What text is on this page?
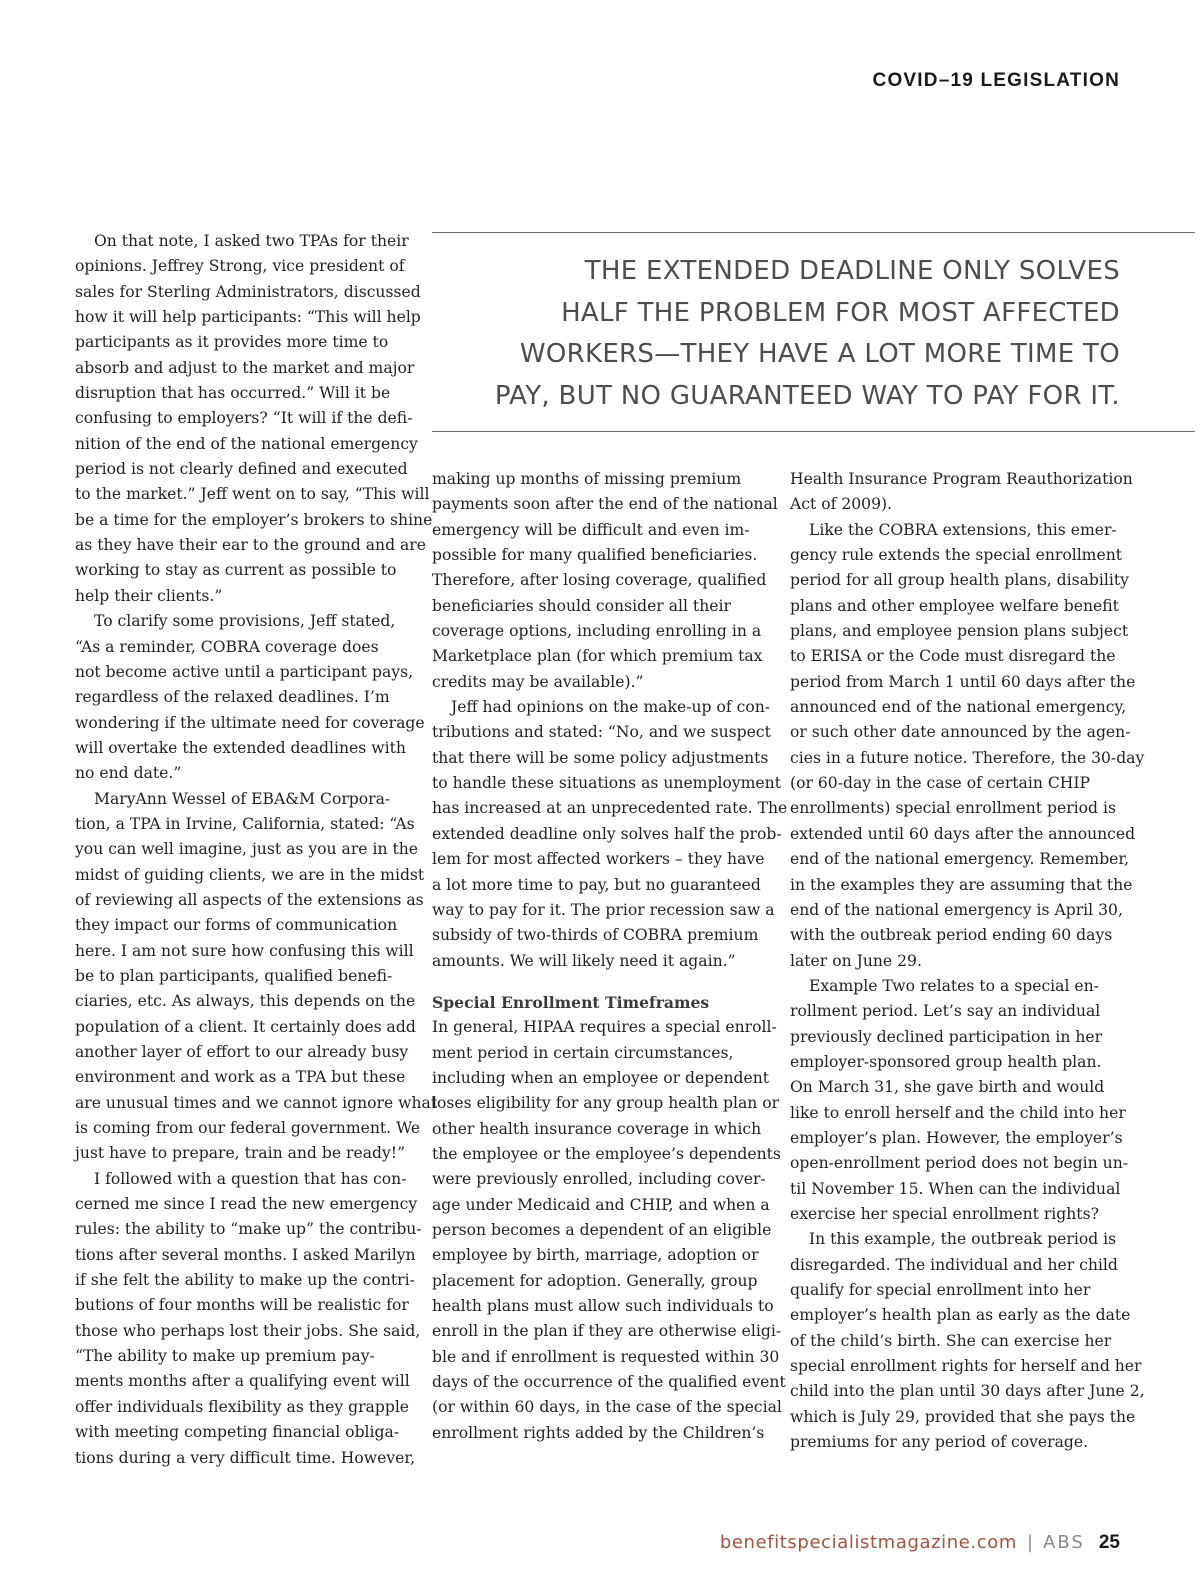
COVID–19 LEGISLATION
THE EXTENDED DEADLINE ONLY SOLVES
HALF THE PROBLEM FOR MOST AFFECTED
WORKERS—THEY HAVE A LOT MORE TIME TO
PAY, BUT NO GUARANTEED WAY TO PAY FOR IT.
On that note, I asked two TPAs for their
opinions. Jeffrey Strong, vice president of
sales for Sterling Administrators, discussed
how it will help participants: “This will help
participants as it provides more time to
absorb and adjust to the market and major
disruption that has occurred.” Will it be
confusing to employers? “It will if the defi-
nition of the end of the national emergency
period is not clearly defined and executed
to the market.” Jeff went on to say, “This will
be a time for the employer’s brokers to shine
as they have their ear to the ground and are
working to stay as current as possible to
help their clients.”
To clarify some provisions, Jeff stated,
“As a reminder, COBRA coverage does
not become active until a participant pays,
regardless of the relaxed deadlines. I’m
wondering if the ultimate need for coverage
will overtake the extended deadlines with
no end date.”
MaryAnn Wessel of EBA&M Corpora-
tion, a TPA in Irvine, California, stated: “As
you can well imagine, just as you are in the
midst of guiding clients, we are in the midst
of reviewing all aspects of the extensions as
they impact our forms of communication
here. I am not sure how confusing this will
be to plan participants, qualified benefi-
ciaries, etc. As always, this depends on the
population of a client. It certainly does add
another layer of effort to our already busy
environment and work as a TPA but these
are unusual times and we cannot ignore what
is coming from our federal government. We
just have to prepare, train and be ready!”
I followed with a question that has con-
cerned me since I read the new emergency
rules: the ability to “make up” the contribu-
tions after several months. I asked Marilyn
if she felt the ability to make up the contri-
butions of four months will be realistic for
those who perhaps lost their jobs. She said,
“The ability to make up premium pay-
ments months after a qualifying event will
offer individuals flexibility as they grapple
with meeting competing financial obliga-
tions during a very difficult time. However,
making up months of missing premium
payments soon after the end of the national
emergency will be difficult and even im-
possible for many qualified beneficiaries.
Therefore, after losing coverage, qualified
beneficiaries should consider all their
coverage options, including enrolling in a
Marketplace plan (for which premium tax
credits may be available).”
Jeff had opinions on the make-up of con-
tributions and stated: “No, and we suspect
that there will be some policy adjustments
to handle these situations as unemployment
has increased at an unprecedented rate. The
extended deadline only solves half the prob-
lem for most affected workers – they have
a lot more time to pay, but no guaranteed
way to pay for it. The prior recession saw a
subsidy of two-thirds of COBRA premium
amounts. We will likely need it again.”
Special Enrollment Timeframes
In general, HIPAA requires a special enroll-
ment period in certain circumstances,
including when an employee or dependent
loses eligibility for any group health plan or
other health insurance coverage in which
the employee or the employee’s dependents
were previously enrolled, including cover-
age under Medicaid and CHIP, and when a
person becomes a dependent of an eligible
employee by birth, marriage, adoption or
placement for adoption. Generally, group
health plans must allow such individuals to
enroll in the plan if they are otherwise eligi-
ble and if enrollment is requested within 30
days of the occurrence of the qualified event
(or within 60 days, in the case of the special
enrollment rights added by the Children’s
Health Insurance Program Reauthorization
Act of 2009).
Like the COBRA extensions, this emer-
gency rule extends the special enrollment
period for all group health plans, disability
plans and other employee welfare benefit
plans, and employee pension plans subject
to ERISA or the Code must disregard the
period from March 1 until 60 days after the
announced end of the national emergency,
or such other date announced by the agen-
cies in a future notice. Therefore, the 30-day
(or 60-day in the case of certain CHIP
enrollments) special enrollment period is
extended until 60 days after the announced
end of the national emergency. Remember,
in the examples they are assuming that the
end of the national emergency is April 30,
with the outbreak period ending 60 days
later on June 29.
Example Two relates to a special en-
rollment period. Let’s say an individual
previously declined participation in her
employer-sponsored group health plan.
On March 31, she gave birth and would
like to enroll herself and the child into her
employer’s plan. However, the employer’s
open-enrollment period does not begin un-
til November 15. When can the individual
exercise her special enrollment rights?
In this example, the outbreak period is
disregarded. The individual and her child
qualify for special enrollment into her
employer’s health plan as early as the date
of the child’s birth. She can exercise her
special enrollment rights for herself and her
child into the plan until 30 days after June 2,
which is July 29, provided that she pays the
premiums for any period of coverage.
benefitspecialistmagazine.com | ABS 25
